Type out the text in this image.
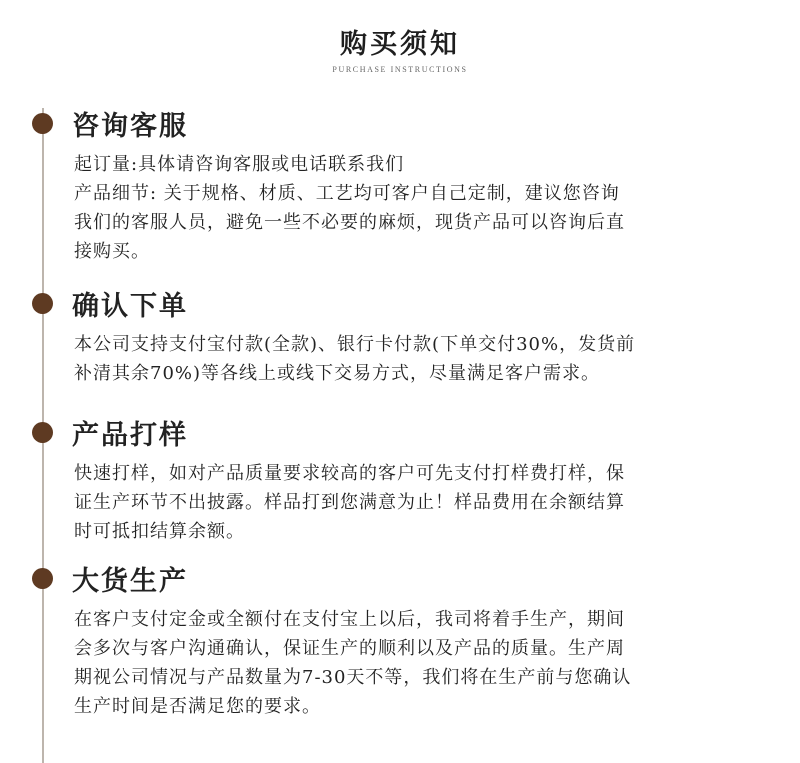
购买须知
PURCHASE INSTRUCTIONS
咨询客服

起订量:具体请咨询客服或电话联系我们

产品细节: 关于规格、材质、工艺均可客户自己定制，建议您咨询

我们的客服人员，避免一些不必要的麻烦，现货产品可以咨询后直

接购买。

确认下单

本公司支持支付宝付款(全款)、银行卡付款(下单交付30%，发货前

补清其余70%)等各线上或线下交易方式，尽量满足客户需求。

产品打样

快速打样，如对产品质量要求较高的客户可先支付打样费打样，保

证生产环节不出披露。样品打到您满意为止！样品费用在余额结算

时可抵扣结算余额。

大货生产

在客户支付定金或全额付在支付宝上以后，我司将着手生产，期间

会多次与客户沟通确认，保证生产的顺利以及产品的质量。生产周

期视公司情况与产品数量为7-30天不等，我们将在生产前与您确认

生产时间是否满足您的要求。
